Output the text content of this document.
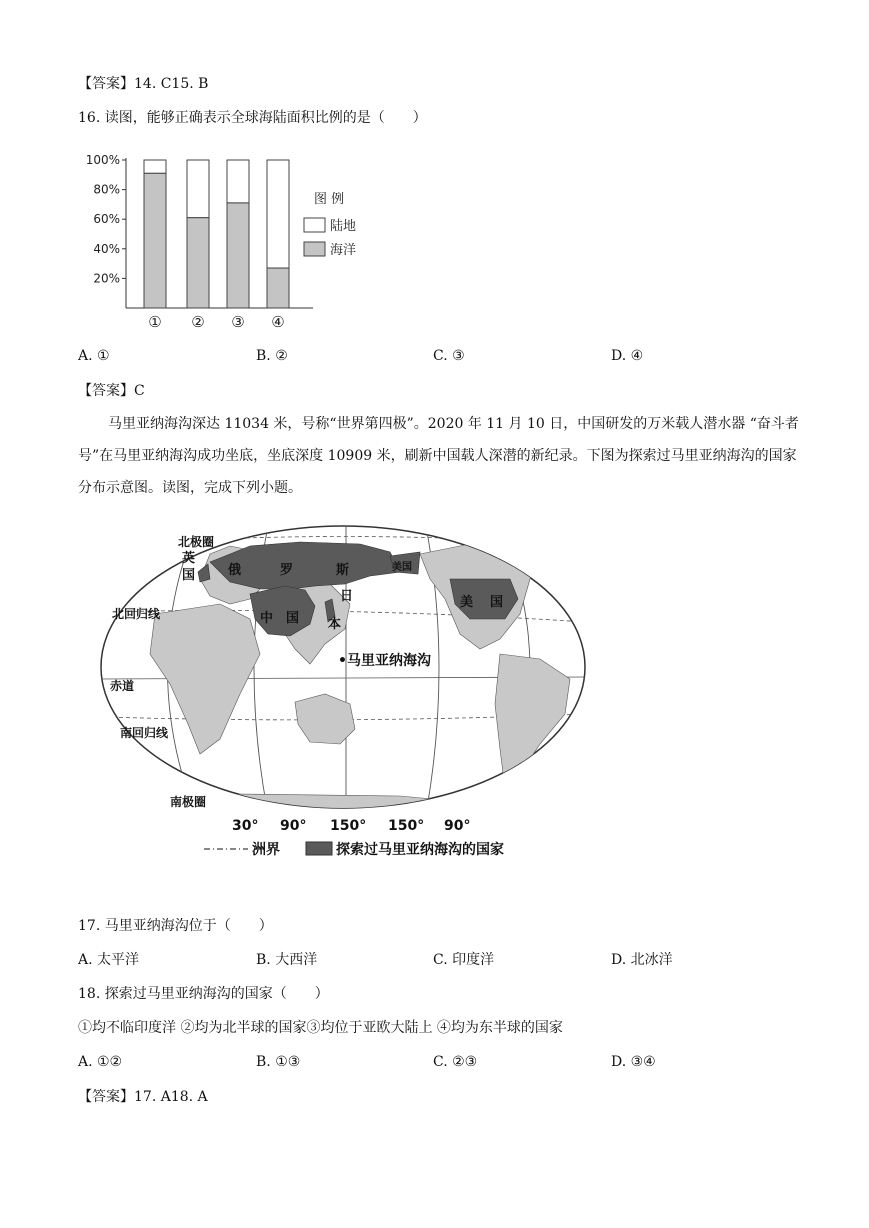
【答案】14. C15. B
16. 读图，能够正确表示全球海陆面积比例的是（　　）
20%
40%
60%
80%
100%
① ② ③ ④
图 例
陆地
海洋
A. ①	B. ②	C. ③	D. ④
【答案】C
马里亚纳海沟深达 11034 米，号称“世界第四极”。2020 年 11 月 10 日，中国研发的万米载人潜水器 “奋斗者号”在马里亚纳海沟成功坐底，坐底深度 10909 米，刷新中国载人深潜的新纪录。下图为探索过马里亚纳海沟的国家分布示意图。读图，完成下列小题。
北极圈
北回归线
赤道
南回归线
南极圈
英
国	俄	罗	斯	美国
中 国
日
本
美 国
•马里亚纳海沟
30° 90° 150° 150° 90°
洲界	探索过马里亚纳海沟的国家
17. 马里亚纳海沟位于（　　）
A. 太平洋	B. 大西洋	C. 印度洋	D. 北冰洋
18. 探索过马里亚纳海沟的国家（　　）
①均不临印度洋 ②均为北半球的国家③均位于亚欧大陆上 ④均为东半球的国家
A. ①②	B. ①③	C. ②③	D. ③④
【答案】17. A18. A
